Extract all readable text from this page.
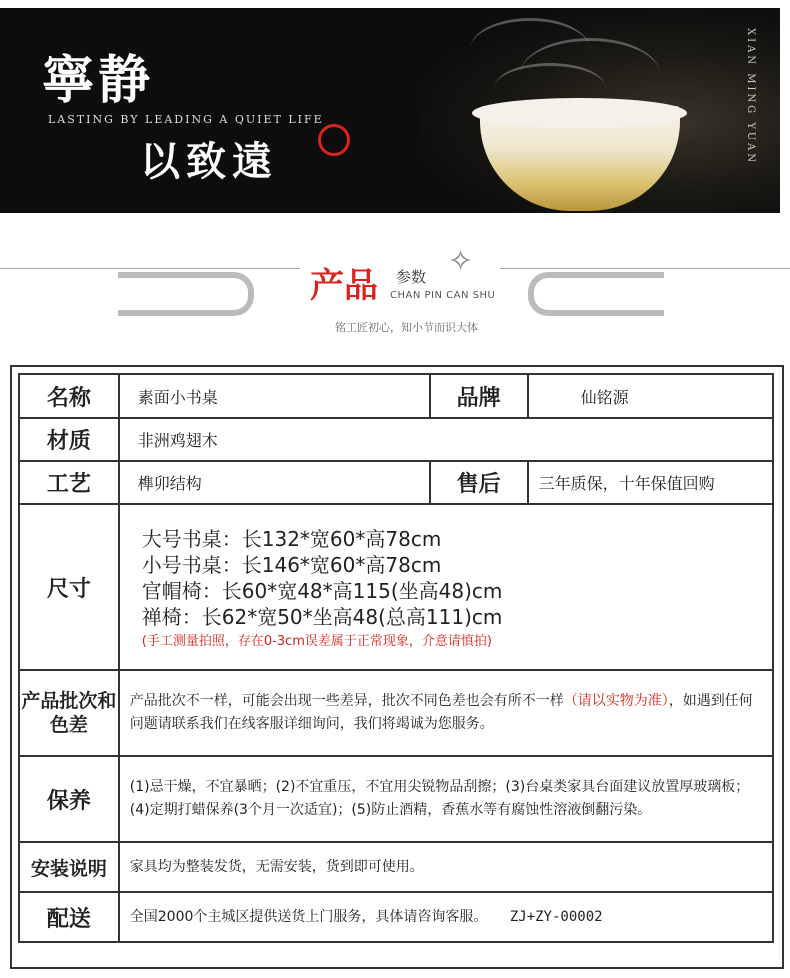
寧静
LASTING BY LEADING A QUIET LIFE
以致遠	XIAN MING YUAN
✧
产品 参数
CHAN PIN CAN SHU
铭工匠初心，知小节而识大体
名称	素面小书桌	品牌	仙铭源
材质	非洲鸡翅木		
工艺	榫卯结构	售后	三年质保，十年保值回购
尺寸	大号书桌：长132*宽60*高78cm
小号书桌：长146*宽60*高78cm
官帽椅：长60*宽48*高115(坐高48)cm
禅椅：长62*宽50*坐高48(总高111)cm
(手工测量拍照，存在0-3cm误差属于正常现象，介意请慎拍)		

产品批次和色差	产品批次不一样，可能会出现一些差异，批次不同色差也会有所不一样（请以实物为准），如遇到任何问题请联系我们在线客服详细询问，我们将竭诚为您服务。		
保养	(1)忌干燥，不宜暴晒；(2)不宜重压，不宜用尖锐物品刮擦；(3)台桌类家具台面建议放置厚玻璃板；(4)定期打蜡保养(3个月一次适宜)；(5)防止酒精，香蕉水等有腐蚀性溶液倒翻污染。		
安装说明	家具均为整装发货，无需安装，货到即可使用。		
配送	全国2000个主城区提供送货上门服务，具体请咨询客服。 ZJ+ZY-00002		
